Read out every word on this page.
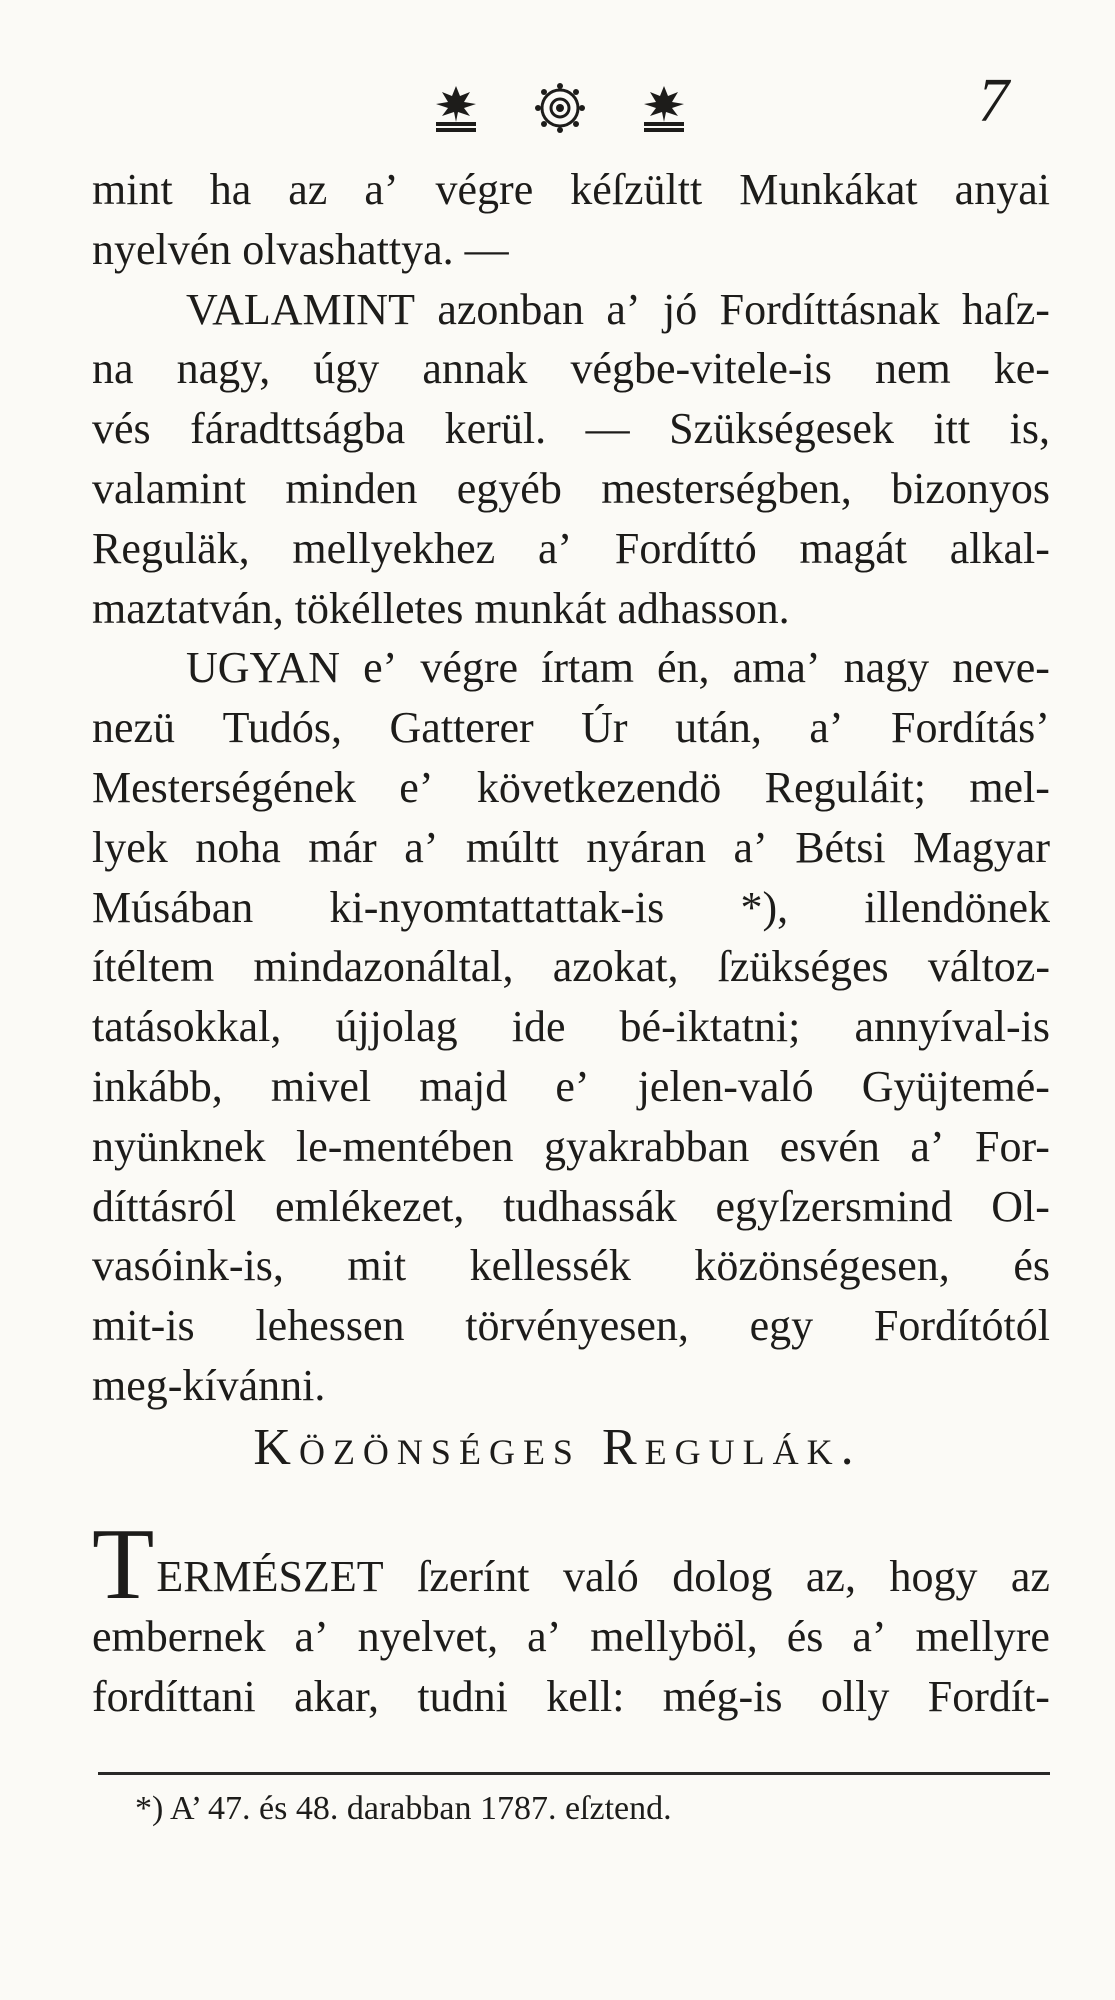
7
mint ha az a’ végre kéſzültt Munkákat anyai
nyelvén olvashattya. —
VALAMINT azonban a’ jó Fordíttásnak haſz-
na nagy, úgy annak végbe-vitele-is nem ke-
vés fáradttságba kerül. — Szükségesek itt is,
valamint minden egyéb mesterségben, bizonyos
Reguläk, mellyekhez a’ Fordíttó magát alkal-
maztatván, tökélletes munkát adhasson.
UGYAN e’ végre írtam én, ama’ nagy neve-
nezü Tudós, Gatterer Úr után, a’ Fordítás’
Mesterségének e’ következendö Reguláit; mel-
lyek noha már a’ múltt nyáran a’ Bétsi Magyar
Músában ki-nyomtattattak-is *), illendönek
ítéltem mindazonáltal, azokat, ſzükséges változ-
tatásokkal, újjolag ide bé-iktatni; annyíval-is
inkább, mivel majd e’ jelen-való Gyüjtemé-
nyünknek le-mentében gyakrabban esvén a’ For-
díttásról emlékezet, tudhassák egyſzersmind Ol-
vasóink-is, mit kellessék közönségesen, és
mit-is lehessen törvényesen, egy Fordítótól
meg-kívánni.
Közönséges Regulák.
T ERMÉSZET ſzerínt való dolog az, hogy az
embernek a’ nyelvet, a’ mellyböl, és a’ mellyre
fordíttani akar, tudni kell: még-is olly Fordít-
*) A’ 47. és 48. darabban 1787. eſztend.
